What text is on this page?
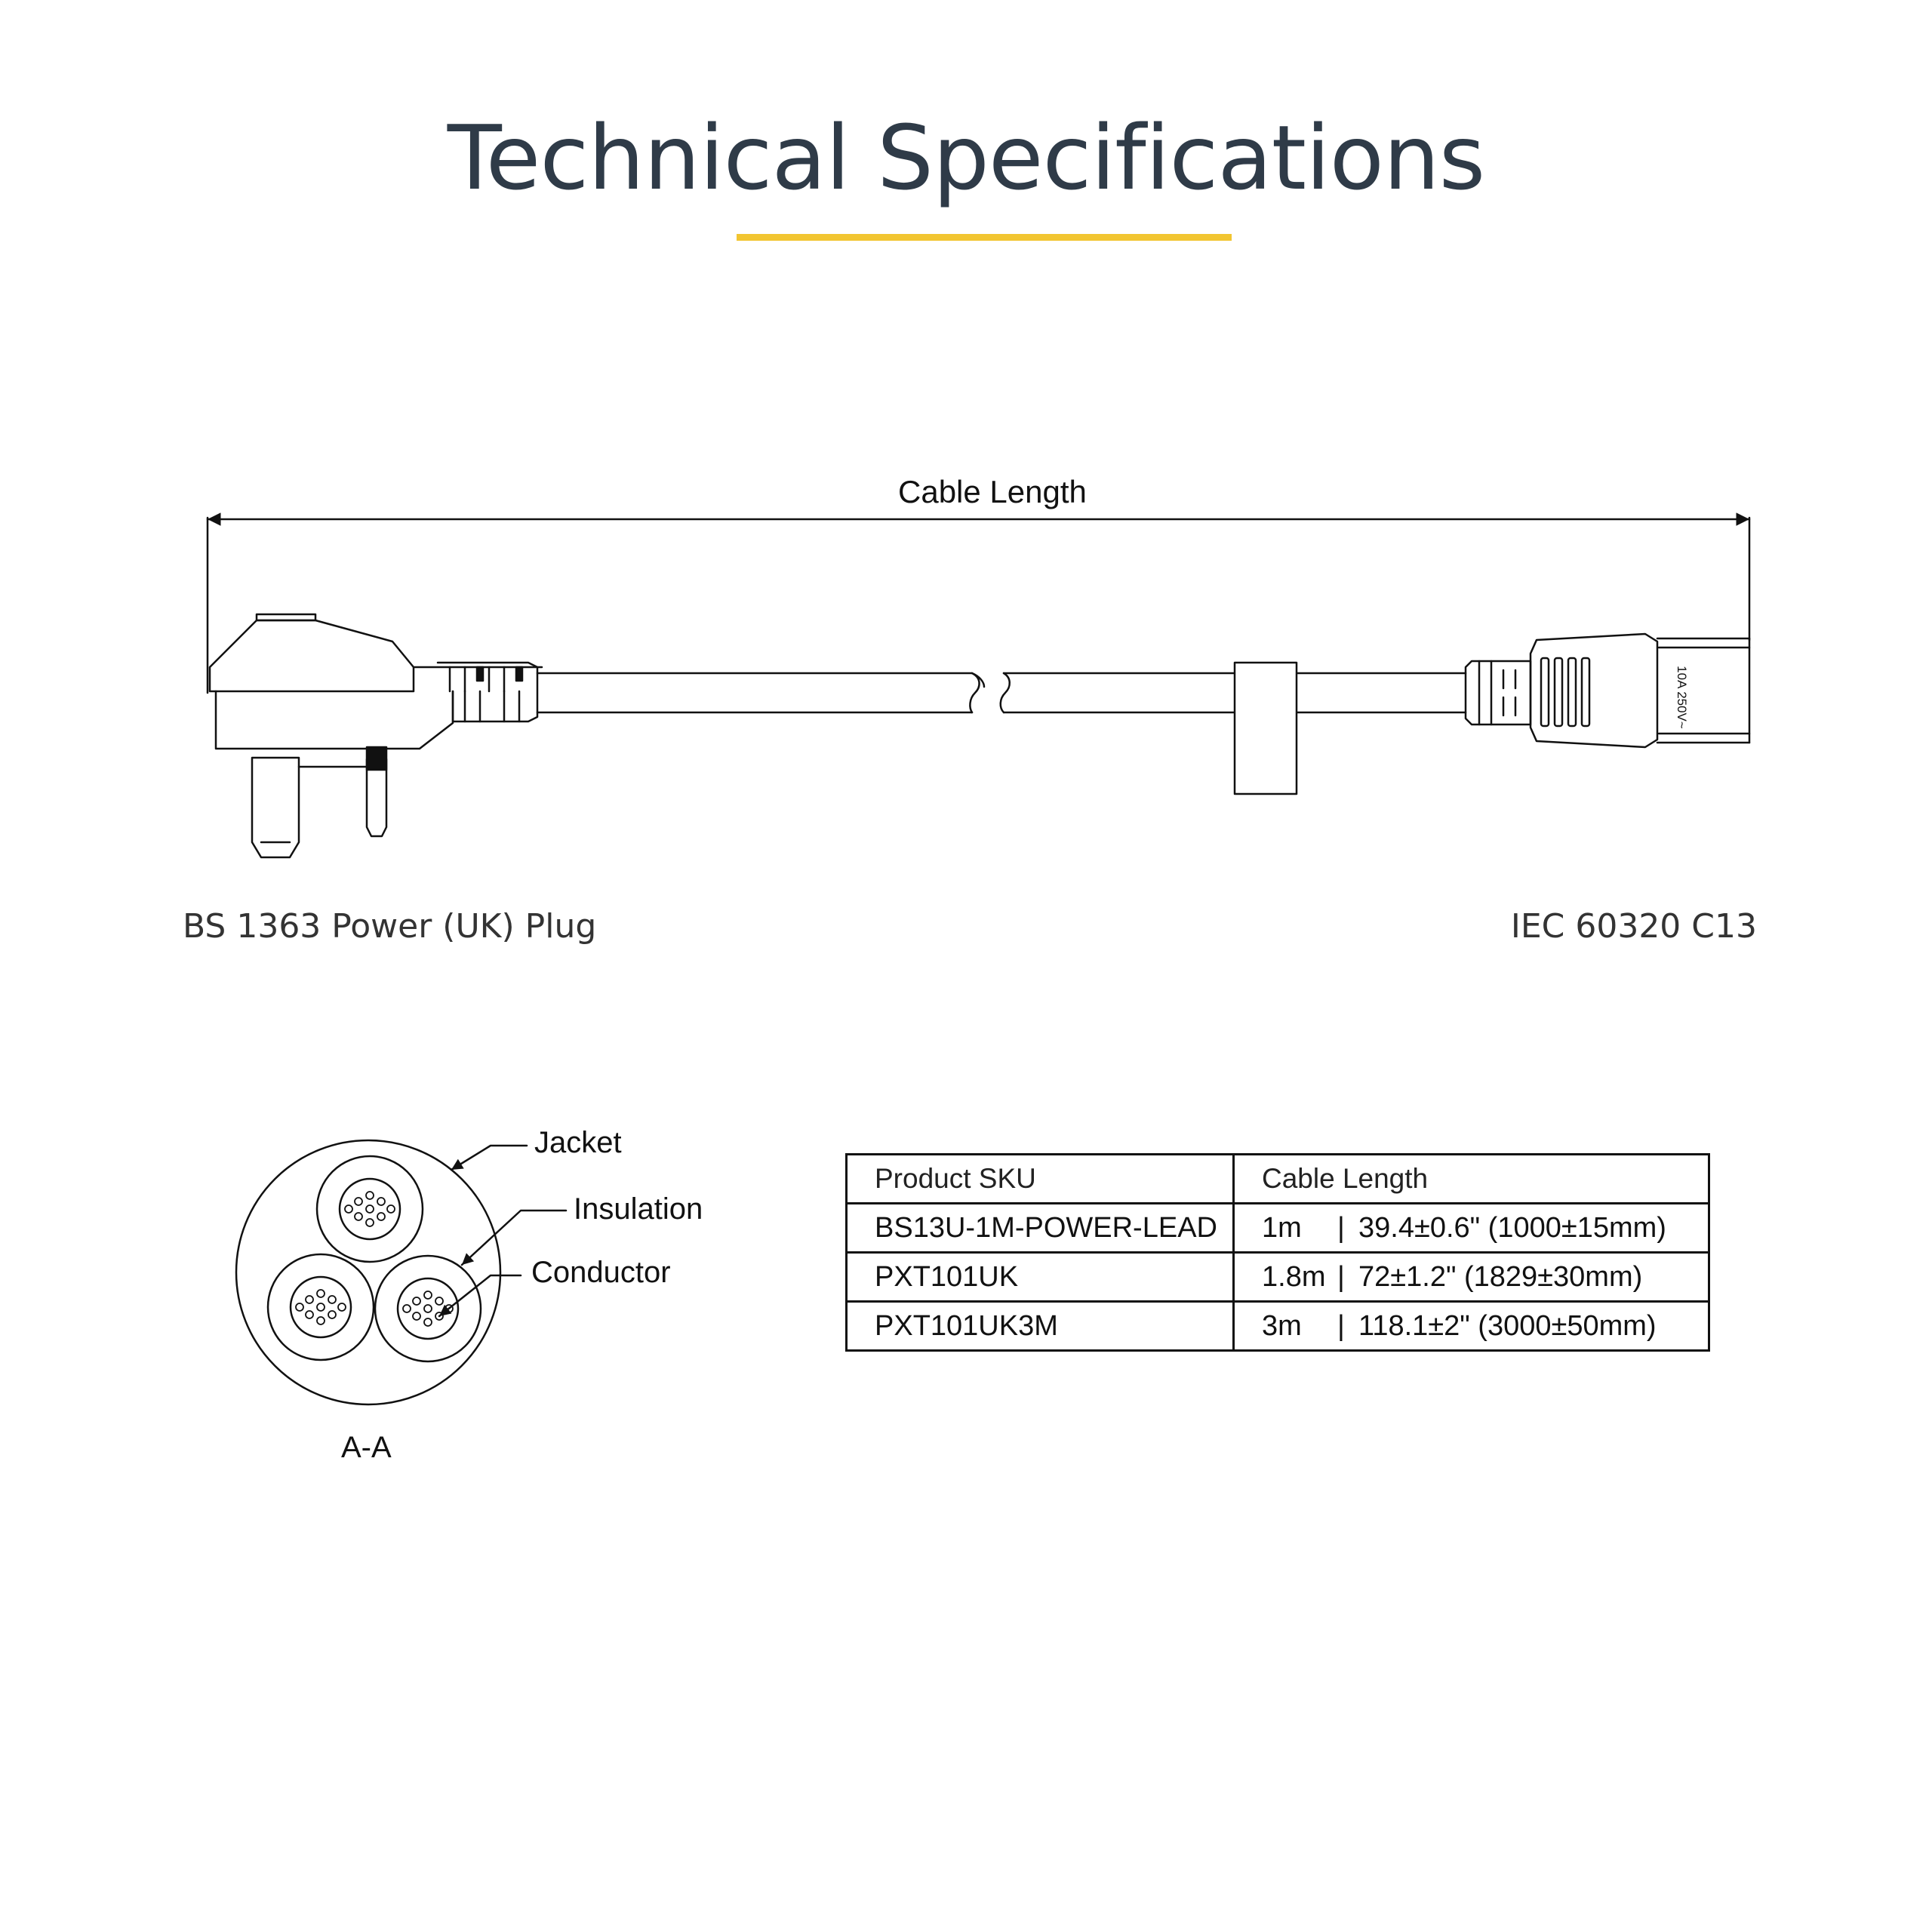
Technical Specifications
Cable Length
BS 1363 Power (UK) Plug	IEC 60320 C13
10A 250V~
Jacket
Insulation
Conductor
A-A
Product SKU	Cable Length
BS13U-1M-POWER-LEAD	1m | 39.4±0.6" (1000±15mm)
PXT101UK	1.8m | 72±1.2" (1829±30mm)
PXT101UK3M	3m | 118.1±2" (3000±50mm)
